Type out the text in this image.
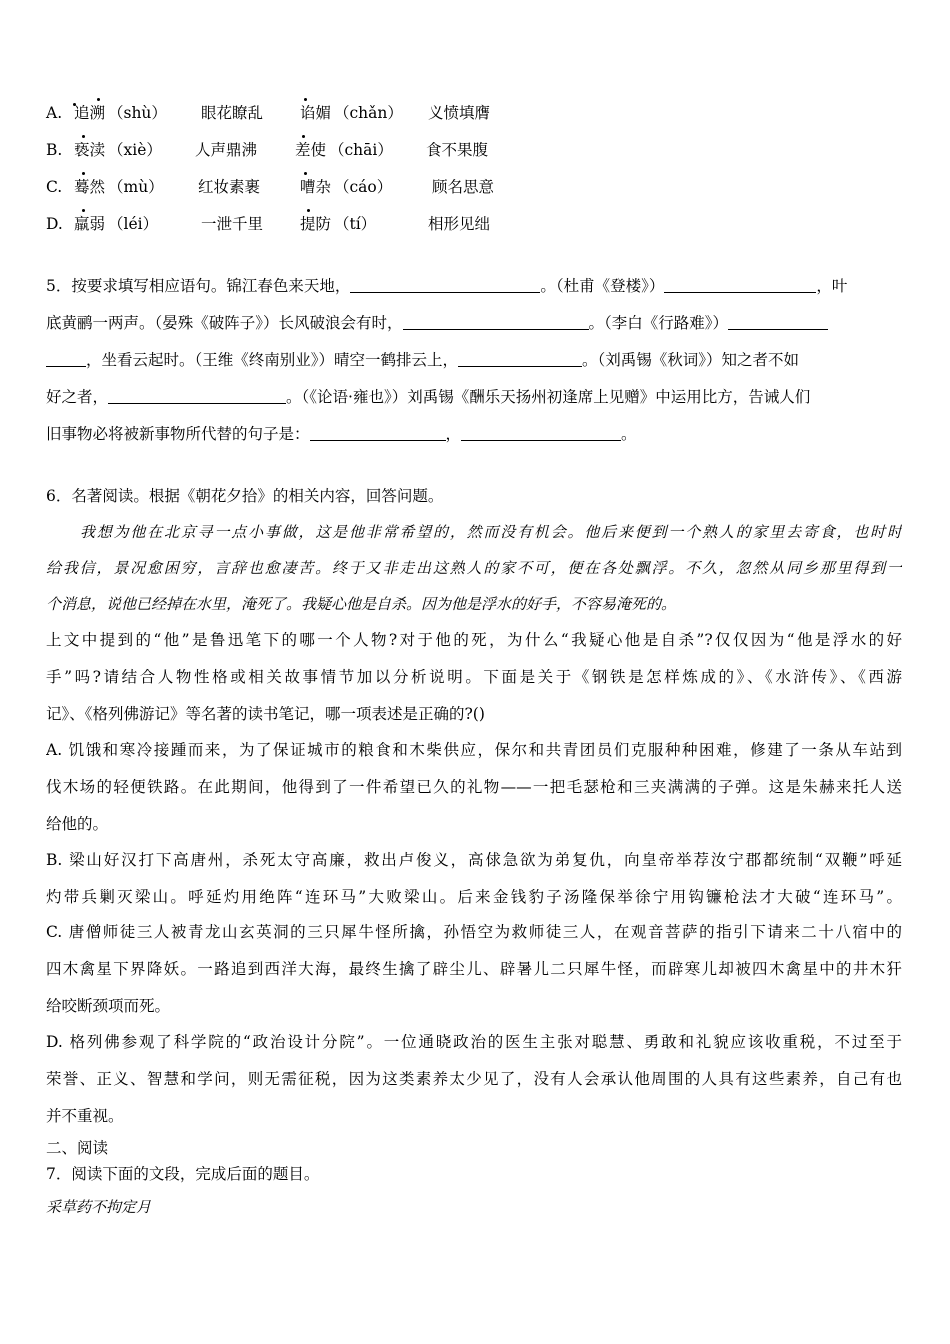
A. 追溯 （shù） 眼花瞭乱 谄媚 （chǎn） 义愤填膺
B. 亵渎 （xiè） 人声鼎沸 差使 （chāi） 食不果腹
C. 蓦然 （mù） 红妆素裹	嘈杂 （cáo）	顾名思意
D. 羸弱 （léi）	一泄千里 提防 （tí）	相形见绌
5．按要求填写相应语句。锦江春色来天地，	。（杜甫《登楼》）	，叶
底黄鹂一两声。（晏殊《破阵子》）长风破浪会有时，	。（李白《行路难》）
，坐看云起时。（王维《终南别业》）晴空一鹤排云上，	。（刘禹锡《秋词》）知之者不如
好之者，	。（《论语·雍也》）刘禹锡《酬乐天扬州初逢席上见赠》中运用比方，告诫人们
旧事物必将被新事物所代替的句子是：	，	。
6．名著阅读。根据《朝花夕拾》的相关内容，回答问题。
我想为他在北京寻一点小事做，这是他非常希望的，然而没有机会。他后来便到一个熟人的家里去寄食，也时时
给我信，景况愈困穷，言辞也愈凄苦。终于又非走出这熟人的家不可，便在各处飘浮。不久，忽然从同乡那里得到一
个消息，说他已经掉在水里，淹死了。我疑心他是自杀。因为他是浮水的好手，不容易淹死的。
上文中提到的“他”是鲁迅笔下的哪一个人物?对于他的死，为什么“我疑心他是自杀”?仅仅因为“他是浮水的好
手”吗?请结合人物性格或相关故事情节加以分析说明。下面是关于《钢铁是怎样炼成的》、《水浒传》、《西游
记》、《格列佛游记》等名著的读书笔记，哪一项表述是正确的?()
A. 饥饿和寒冷接踵而来，为了保证城市的粮食和木柴供应，保尔和共青团员们克服种种困难，修建了一条从车站到
伐木场的轻便铁路。在此期间，他得到了一件希望已久的礼物——一把毛瑟枪和三夹满满的子弹。这是朱赫来托人送
给他的。
B. 梁山好汉打下高唐州，杀死太守高廉，救出卢俊义，高俅急欲为弟复仇，向皇帝举荐汝宁郡都统制“双鞭”呼延
灼带兵剿灭梁山。呼延灼用绝阵“连环马”大败梁山。后来金钱豹子汤隆保举徐宁用钩镰枪法才大破“连环马”。
C. 唐僧师徒三人被青龙山玄英洞的三只犀牛怪所擒，孙悟空为救师徒三人，在观音菩萨的指引下请来二十八宿中的
四木禽星下界降妖。一路追到西洋大海，最终生擒了辟尘儿、辟暑儿二只犀牛怪，而辟寒儿却被四木禽星中的井木犴
给咬断颈项而死。
D. 格列佛参观了科学院的“政治设计分院”。一位通晓政治的医生主张对聪慧、勇敢和礼貌应该收重税，不过至于
荣誉、正义、智慧和学问，则无需征税，因为这类素养太少见了，没有人会承认他周围的人具有这些素养，自己有也
并不重视。
二、阅读
7．阅读下面的文段，完成后面的题目。
采草药不拘定月
